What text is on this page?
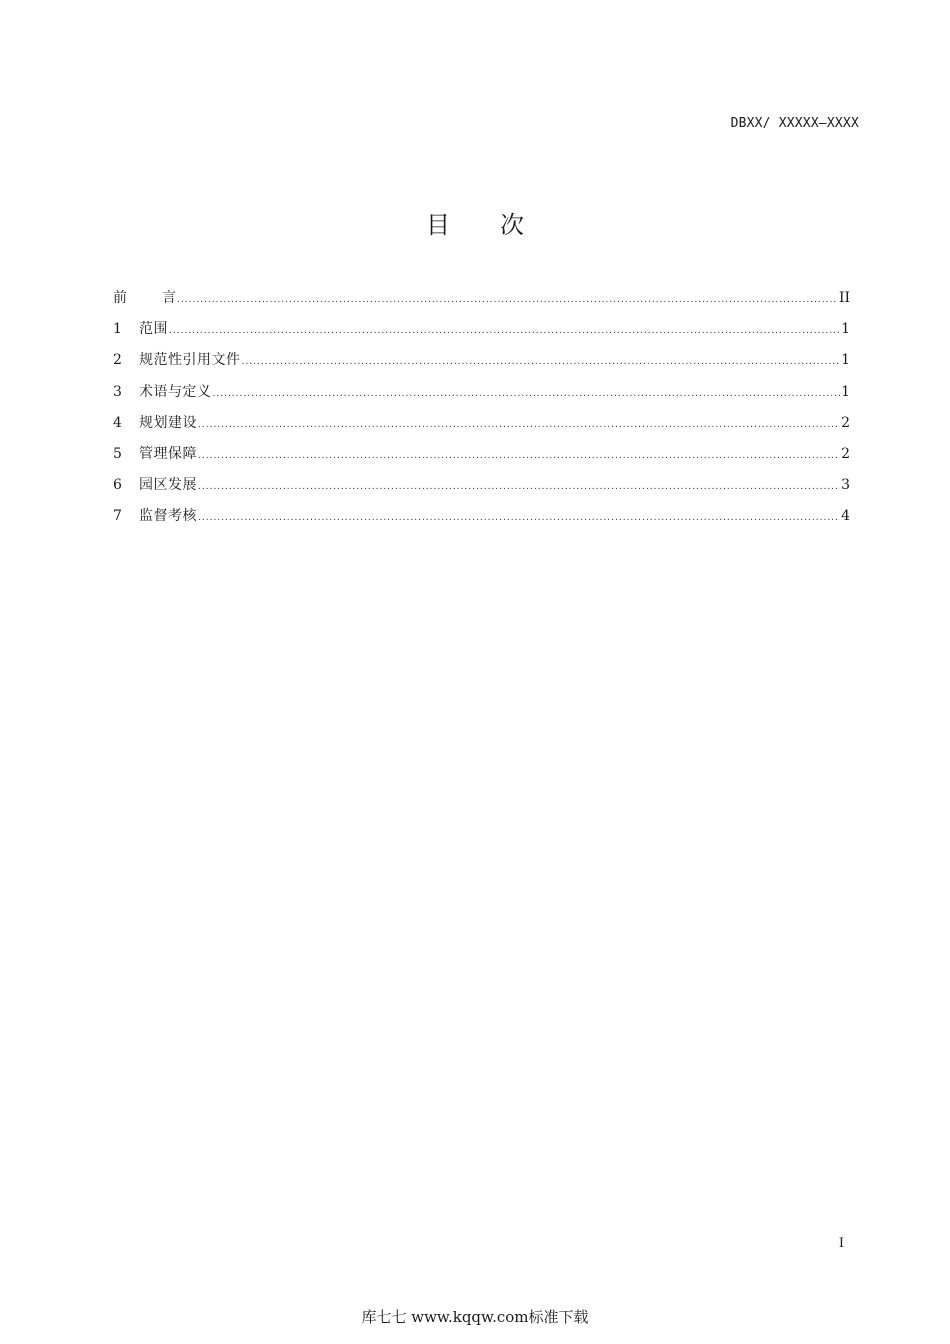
DBXX/ XXXXX—XXXX
目次
前	言 .....	II
1	范围 .....	1
2	规范性引用文件 .....	1
3	术语与定义 .....	1
4	规划建设 .....	2
5	管理保障 .....	2
6	园区发展 .....	3
7	监督考核 .....	4
I
库七七 www.kqqw.com标准下载
